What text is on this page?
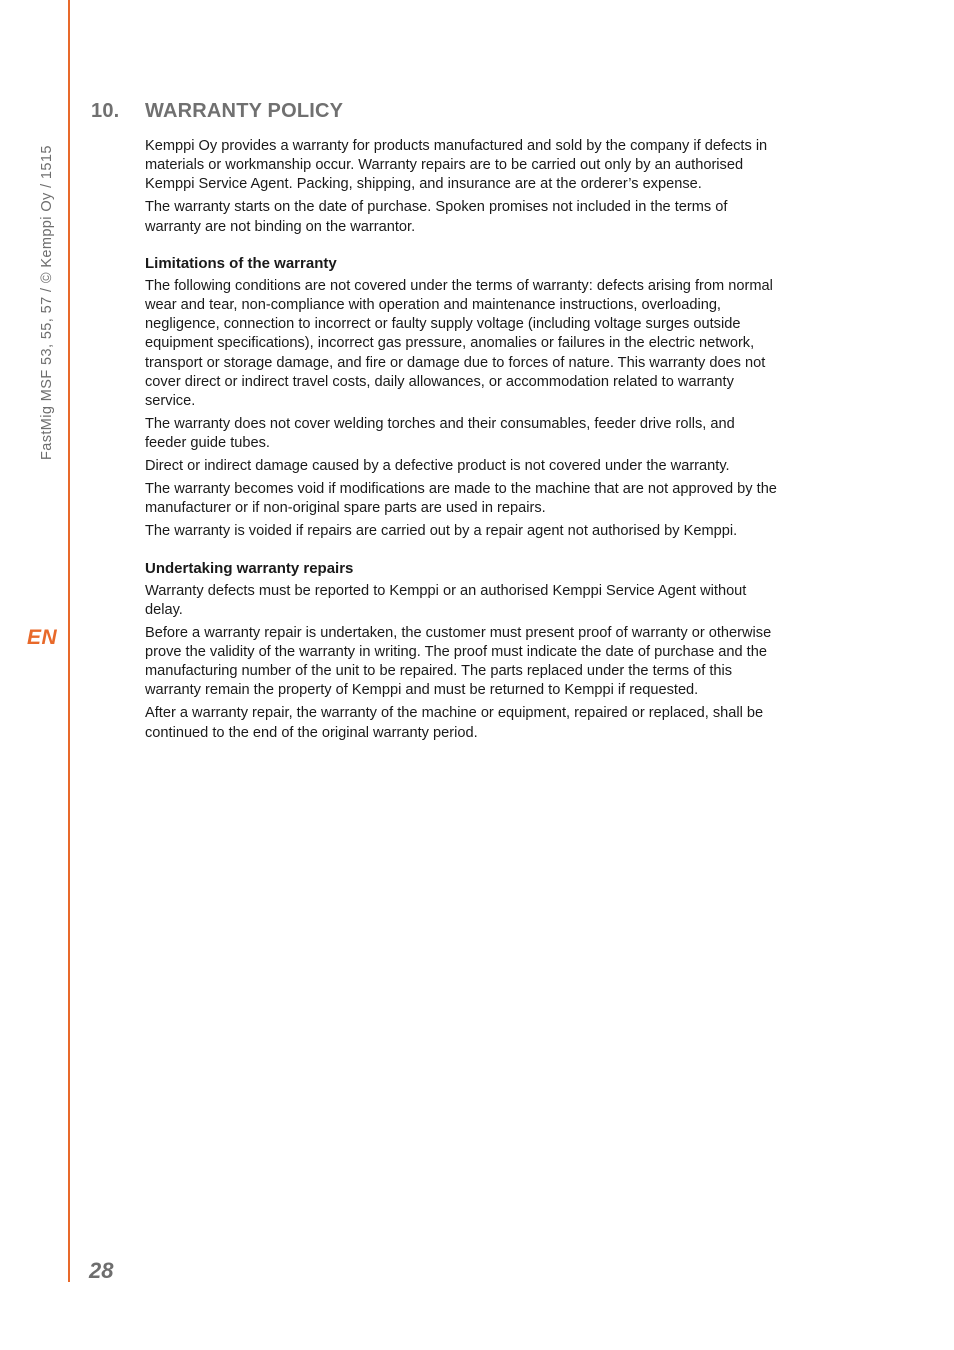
FastMig MSF 53, 55, 57 / © Kemppi Oy / 1515
EN
10. WARRANTY POLICY

Kemppi Oy provides a warranty for products manufactured and sold by the company if defects in materials or workmanship occur. Warranty repairs are to be carried out only by an authorised Kemppi Service Agent. Packing, shipping, and insurance are at the orderer’s expense.

The warranty starts on the date of purchase. Spoken promises not included in the terms of warranty are not binding on the warrantor.

Limitations of the warranty

The following conditions are not covered under the terms of warranty: defects arising from normal wear and tear, non-compliance with operation and maintenance instructions, overloading, negligence, connection to incorrect or faulty supply voltage (including voltage surges outside equipment specifications), incorrect gas pressure, anomalies or failures in the electric network, transport or storage damage, and fire or damage due to forces of nature. This warranty does not cover direct or indirect travel costs, daily allowances, or accommodation related to warranty service.

The warranty does not cover welding torches and their consumables, feeder drive rolls, and feeder guide tubes.

Direct or indirect damage caused by a defective product is not covered under the warranty.

The warranty becomes void if modifications are made to the machine that are not approved by the manufacturer or if non-original spare parts are used in repairs.

The warranty is voided if repairs are carried out by a repair agent not authorised by Kemppi.

Undertaking warranty repairs

Warranty defects must be reported to Kemppi or an authorised Kemppi Service Agent without delay.

Before a warranty repair is undertaken, the customer must present proof of warranty or otherwise prove the validity of the warranty in writing. The proof must indicate the date of purchase and the manufacturing number of the unit to be repaired. The parts replaced under the terms of this warranty remain the property of Kemppi and must be returned to Kemppi if requested.

After a warranty repair, the warranty of the machine or equipment, repaired or replaced, shall be continued to the end of the original warranty period.

28
